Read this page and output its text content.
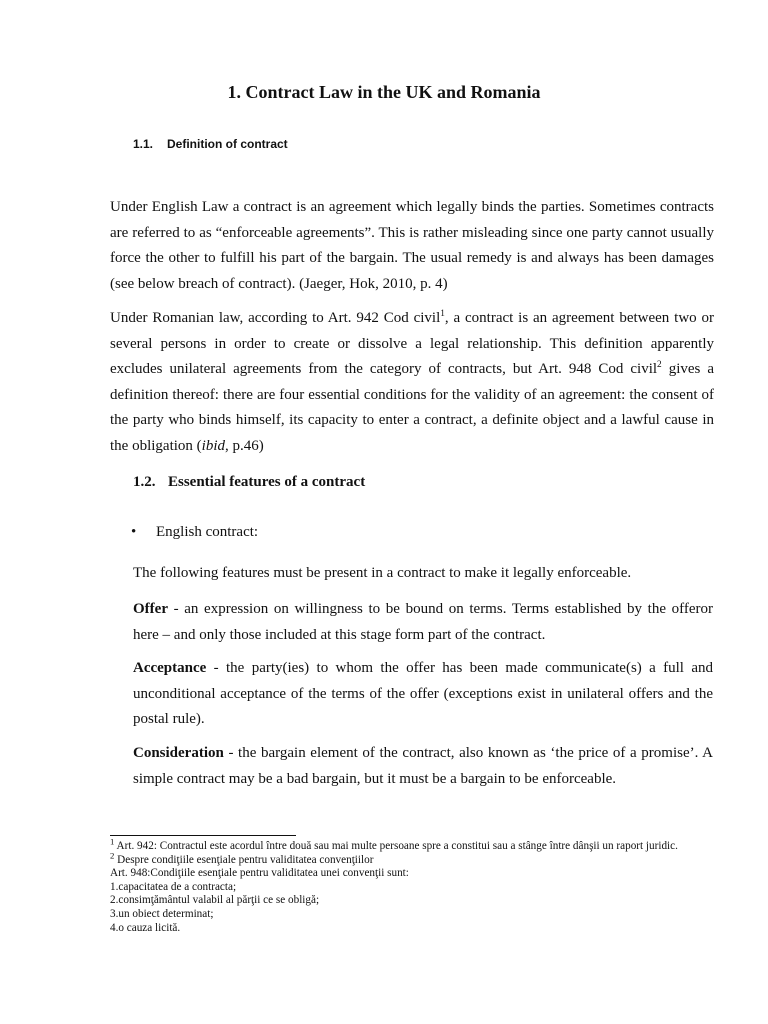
1. Contract Law in the UK and Romania
1.1. Definition of contract

Under English Law a contract is an agreement which legally binds the parties. Sometimes contracts are referred to as “enforceable agreements”. This is rather misleading since one party cannot usually force the other to fulfill his part of the bargain. The usual remedy is and always has been damages (see below breach of contract). (Jaeger, Hok, 2010, p. 4)

Under Romanian law, according to Art. 942 Cod civil$^1$, a contract is an agreement between two or several persons in order to create or dissolve a legal relationship. This definition apparently excludes unilateral agreements from the category of contracts, but Art. 948 Cod civil$^2$ gives a definition thereof: there are four essential conditions for the validity of an agreement: the consent of the party who binds himself, its capacity to enter a contract, a definite object and a lawful cause in the obligation (ibid, p.46)

1.2. Essential features of a contract
• English contract:

The following features must be present in a contract to make it legally enforceable.

Offer - an expression on willingness to be bound on terms. Terms established by the offeror here – and only those included at this stage form part of the contract.

Acceptance - the party(ies) to whom the offer has been made communicate(s) a full and unconditional acceptance of the terms of the offer (exceptions exist in unilateral offers and the postal rule).

Consideration - the bargain element of the contract, also known as ‘the price of a promise’. A simple contract may be a bad bargain, but it must be a bargain to be enforceable.

$^1$ Art. 942: Contractul este acordul între două sau mai multe persoane spre a constitui sau a stânge între dânşii un raport juridic.

$^2$ Despre condiţiile esenţiale pentru validitatea convenţiilor

Art. 948:Condiţiile esenţiale pentru validitatea unei convenţii sunt:

1.capacitatea de a contracta;

2.consimţământul valabil al părţii ce se obligă;

3.un obiect determinat;

4.o cauza licită.
